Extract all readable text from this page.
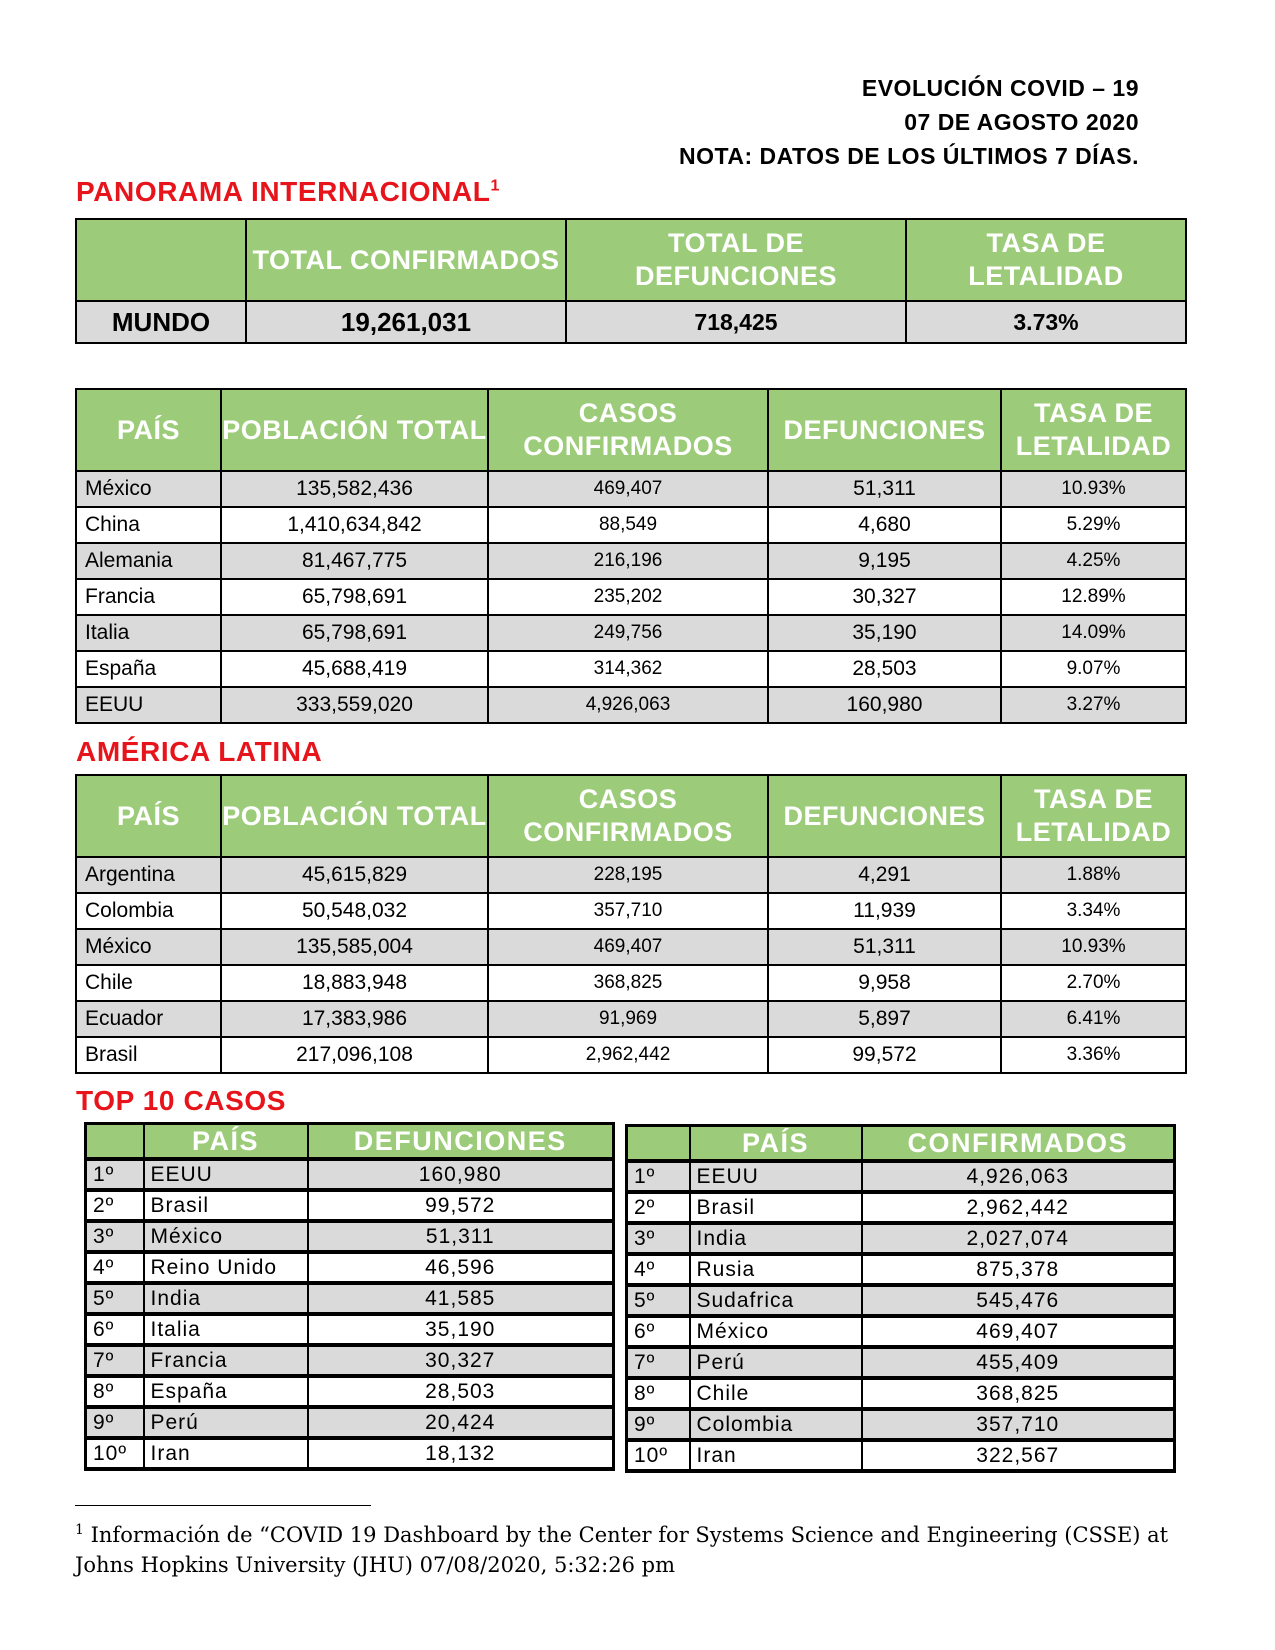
EVOLUCIÓN COVID – 19
07 DE AGOSTO 2020
NOTA: DATOS DE LOS ÚLTIMOS 7 DÍAS.
PANORAMA INTERNACIONAL$^1$
	TOTAL CONFIRMADOS	TOTAL DE DEFUNCIONES	TASA DE LETALIDAD
MUNDO	19,261,031	718,425	3.73%
PAÍS	POBLACIÓN TOTAL	CASOS CONFIRMADOS	DEFUNCIONES	TASA DE LETALIDAD
México	135,582,436	469,407	51,311	10.93%
China	1,410,634,842	88,549	4,680	5.29%
Alemania	81,467,775	216,196	9,195	4.25%
Francia	65,798,691	235,202	30,327	12.89%
Italia	65,798,691	249,756	35,190	14.09%
España	45,688,419	314,362	28,503	9.07%
EEUU	333,559,020	4,926,063	160,980	3.27%
AMÉRICA LATINA
PAÍS	POBLACIÓN TOTAL	CASOS CONFIRMADOS	DEFUNCIONES	TASA DE LETALIDAD
Argentina	45,615,829	228,195	4,291	1.88%
Colombia	50,548,032	357,710	11,939	3.34%
México	135,585,004	469,407	51,311	10.93%
Chile	18,883,948	368,825	9,958	2.70%
Ecuador	17,383,986	91,969	5,897	6.41%
Brasil	217,096,108	2,962,442	99,572	3.36%
TOP 10 CASOS
	PAÍS	DEFUNCIONES
1º	EEUU	160,980
2º	Brasil	99,572
3º	México	51,311
4º	Reino Unido	46,596
5º	India	41,585
6º	Italia	35,190
7º	Francia	30,327
8º	España	28,503
9º	Perú	20,424
10º	Iran	18,132
	PAÍS	CONFIRMADOS
1º	EEUU	4,926,063
2º	Brasil	2,962,442
3º	India	2,027,074
4º	Rusia	875,378
5º	Sudafrica	545,476
6º	México	469,407
7º	Perú	455,409
8º	Chile	368,825
9º	Colombia	357,710
10º	Iran	322,567
$^1$ Información de “COVID 19 Dashboard by the Center for Systems Science and Engineering (CSSE) at Johns Hopkins University (JHU) 07/08/2020, 5:32:26 pm
